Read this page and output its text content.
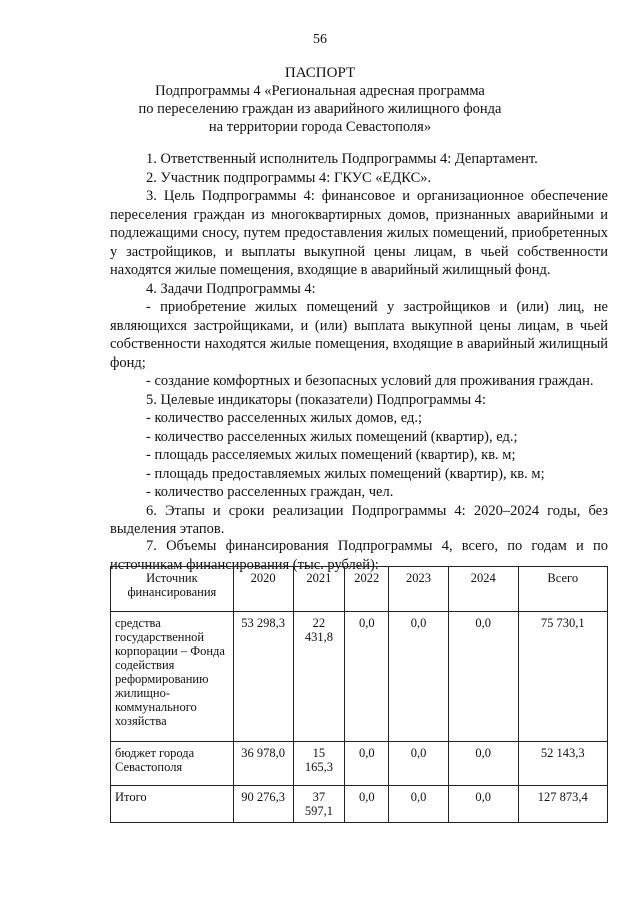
56
ПАСПОРТ
Подпрограммы 4 «Региональная адресная программа
по переселению граждан из аварийного жилищного фонда
на территории города Севастополя»

1. Ответственный исполнитель Подпрограммы 4: Департамент.

2. Участник подпрограммы 4: ГКУС «ЕДКС».

3. Цель Подпрограммы 4: финансовое и организационное обеспечение переселения граждан из многоквартирных домов, признанных аварийными и подлежащими сносу, путем предоставления жилых помещений, приобретенных у застройщиков, и выплаты выкупной цены лицам, в чьей собственности находятся жилые помещения, входящие в аварийный жилищный фонд.

4. Задачи Подпрограммы 4:

- приобретение жилых помещений у застройщиков и (или) лиц, не являющихся застройщиками, и (или) выплата выкупной цены лицам, в чьей собственности находятся жилые помещения, входящие в аварийный жилищный фонд;

- создание комфортных и безопасных условий для проживания граждан.

5. Целевые индикаторы (показатели) Подпрограммы 4:

- количество расселенных жилых домов, ед.;

- количество расселенных жилых помещений (квартир), ед.;

- площадь расселяемых жилых помещений (квартир), кв. м;

- площадь предоставляемых жилых помещений (квартир), кв. м;

- количество расселенных граждан, чел.

6. Этапы и сроки реализации Подпрограммы 4: 2020–2024 годы, без выделения этапов.

7. Объемы финансирования Подпрограммы 4, всего, по годам и по источникам финансирования (тыс. рублей):

Источник финансирования	2020	2021	2022	2023	2024	Всего
средства государственной корпорации – Фонда содействия реформированию жилищно-коммунального хозяйства	53 298,3	22 431,8	0,0	0,0	0,0	75 730,1
бюджет города Севастополя	36 978,0	15 165,3	0,0	0,0	0,0	52 143,3
Итого	90 276,3	37 597,1	0,0	0,0	0,0	127 873,4
